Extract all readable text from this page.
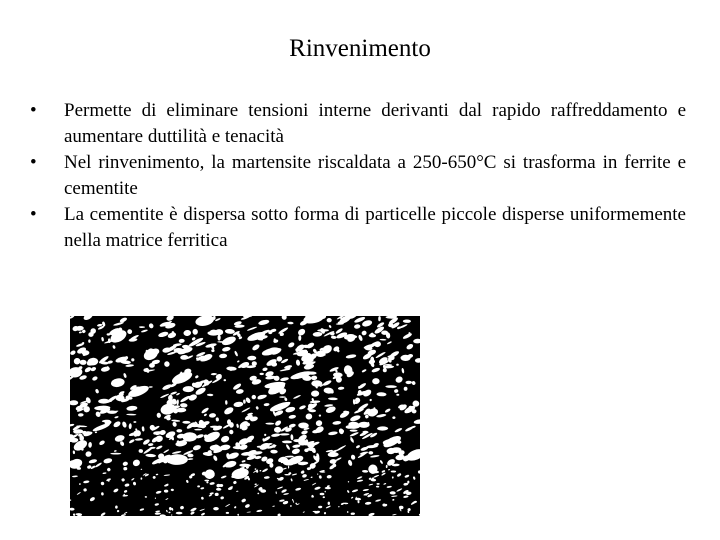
Rinvenimento
•	Permette di eliminare tensioni interne derivanti dal rapido raffreddamento e aumentare duttilità e tenacità
•	Nel rinvenimento, la martensite riscaldata a 250-650°C si trasforma in ferrite e cementite
•	La cementite è dispersa sotto forma di particelle piccole disperse uniformemente nella matrice ferritica
